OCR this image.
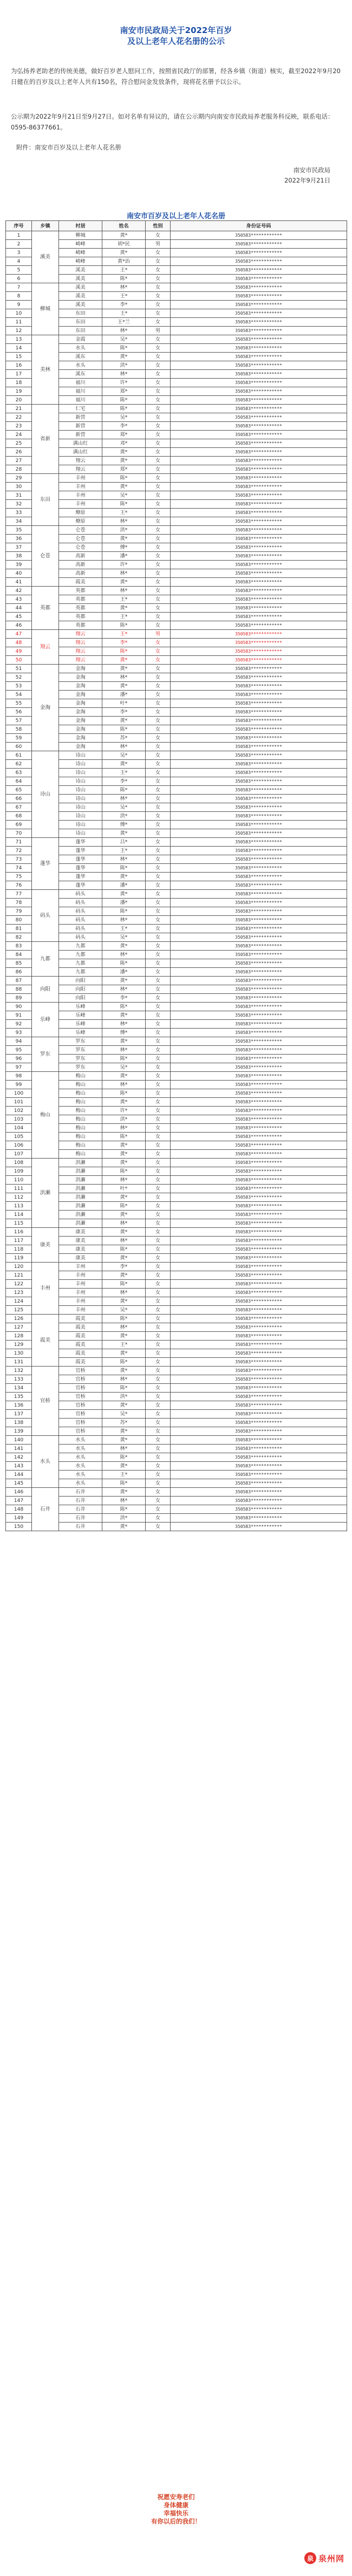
南安市民政局关于2022年百岁
及以上老年人花名册的公示

为弘扬养老助老的传统美德，做好百岁老人慰问工作，按照省民政厅的部署，经各乡镇（街道）核实，截至2022年9月20日健在的百岁及以上老年人共有150名，符合慰问金发放条件，现将花名册予以公示。

公示期为2022年9月21日至9月27日。如对名单有异议的，请在公示期内向南安市民政局养老服务科反映，联系电话：0595-86377661。

附件：南安市百岁及以上老年人花名册
南安市民政局
2022年9月21日
南安市百岁及以上老年人花名册
序号	乡镇	村居	姓名	性别	身份证号码
1	溪美	柳城	黄*	女	350583************
2		崎峰	胡*民	男	350583************
3		崎峰	黄*	女	350583************
4		崎峰	黄*治	女	350583************
5		溪美	王*	女	350583************
6		溪美	陈*	女	350583************
7	柳城	溪美	林*	女	350583************
8		溪美	王*	女	350583************
9		溪美	李*	女	350583************
10		东田	王*	女	350583************
11		东田	王*兰	女	350583************
12		东田	林*	男	350583************
13	美林	金霞	吴*	女	350583************
14		水头	陈*	女	350583************
15		溪东	黄*	女	350583************
16		水头	洪*	女	350583************
17		溪东	林*	女	350583************
18		福川	许*	女	350583************
19		福川	郑*	女	350583************
20		福川	陈*	女	350583************
21	省新	仁宅	陈*	女	350583************
22		新营	吴*	女	350583************
23		新营	李*	女	350583************
24		新营	郑*	女	350583************
25		满山红	邓*	女	350583************
26		满山红	黄*	女	350583************
27		翔云	黄*	女	350583************
28		翔云	郑*	女	350583************
29	东田	丰州	陈*	女	350583************
30		丰州	黄*	女	350583************
31		丰州	吴*	女	350583************
32		丰州	陈*	女	350583************
33		燎原	王*	女	350583************
34		燎原	林*	女	350583************
35	仑苍	仑苍	洪*	女	350583************
36		仑苍	黄*	女	350583************
37		仑苍	傅*	女	350583************
38		高新	潘*	女	350583************
39		高新	许*	女	350583************
40		高新	林*	女	350583************
41		霞美	黄*	女	350583************
42	英都	英都	林*	女	350583************
43		英都	王*	女	350583************
44		英都	黄*	女	350583************
45		英都	王*	女	350583************
46		英都	陈*	女	350583************
47	翔云	翔云	王*	男	350583************
48		翔云	李*	女	350583************
49		翔云	陈*	女	350583************
50		翔云	黄*	女	350583************
51	金淘	金淘	黄*	女	350583************
52		金淘	林*	女	350583************
53		金淘	黄*	女	350583************
54		金淘	潘*	女	350583************
55		金淘	叶*	女	350583************
56		金淘	李*	女	350583************
57		金淘	黄*	女	350583************
58		金淘	陈*	女	350583************
59		金淘	苏*	女	350583************
60		金淘	林*	女	350583************
61	诗山	诗山	吴*	女	350583************
62		诗山	黄*	女	350583************
63		诗山	王*	女	350583************
64		诗山	李*	女	350583************
65		诗山	陈*	女	350583************
66		诗山	林*	女	350583************
67		诗山	吴*	女	350583************
68		诗山	洪*	女	350583************
69		诗山	傅*	女	350583************
70		诗山	黄*	女	350583************
71	蓬华	蓬华	吕*	女	350583************
72		蓬华	王*	女	350583************
73		蓬华	林*	女	350583************
74		蓬华	陈*	女	350583************
75		蓬华	黄*	女	350583************
76		蓬华	潘*	女	350583************
77	码头	码头	黄*	女	350583************
78		码头	潘*	女	350583************
79		码头	陈*	女	350583************
80		码头	林*	女	350583************
81		码头	王*	女	350583************
82		码头	吴*	女	350583************
83	九都	九都	黄*	女	350583************
84		九都	林*	女	350583************
85		九都	陈*	女	350583************
86		九都	潘*	女	350583************
87	向阳	向阳	黄*	女	350583************
88		向阳	林*	女	350583************
89		向阳	李*	女	350583************
90	乐峰	乐峰	陈*	女	350583************
91		乐峰	黄*	女	350583************
92		乐峰	林*	女	350583************
93		乐峰	傅*	女	350583************
94	罗东	罗东	黄*	女	350583************
95		罗东	林*	女	350583************
96		罗东	陈*	女	350583************
97		罗东	吴*	女	350583************
98	梅山	梅山	黄*	女	350583************
99		梅山	林*	女	350583************
100		梅山	陈*	女	350583************
101		梅山	黄*	女	350583************
102		梅山	许*	女	350583************
103		梅山	洪*	女	350583************
104		梅山	林*	女	350583************
105		梅山	陈*	女	350583************
106		梅山	黄*	女	350583************
107		梅山	黄*	女	350583************
108	洪濑	洪濑	黄*	女	350583************
109		洪濑	陈*	女	350583************
110		洪濑	林*	女	350583************
111		洪濑	叶*	女	350583************
112		洪濑	黄*	女	350583************
113		洪濑	陈*	女	350583************
114		洪濑	黄*	女	350583************
115		洪濑	林*	女	350583************
116	康美	康美	黄*	女	350583************
117		康美	林*	女	350583************
118		康美	陈*	女	350583************
119		康美	黄*	女	350583************
120	丰州	丰州	李*	女	350583************
121		丰州	黄*	女	350583************
122		丰州	陈*	女	350583************
123		丰州	林*	女	350583************
124		丰州	黄*	女	350583************
125		丰州	吴*	女	350583************
126	霞美	霞美	陈*	女	350583************
127		霞美	林*	女	350583************
128		霞美	黄*	女	350583************
129		霞美	王*	女	350583************
130		霞美	黄*	女	350583************
131		霞美	陈*	女	350583************
132	官桥	官桥	黄*	女	350583************
133		官桥	林*	女	350583************
134		官桥	陈*	女	350583************
135		官桥	洪*	女	350583************
136		官桥	黄*	女	350583************
137		官桥	吴*	女	350583************
138		官桥	苏*	女	350583************
139		官桥	黄*	女	350583************
140	水头	水头	黄*	女	350583************
141		水头	林*	女	350583************
142		水头	陈*	女	350583************
143		水头	黄*	女	350583************
144		水头	王*	女	350583************
145		水头	陈*	女	350583************
146	石井	石井	黄*	女	350583************
147		石井	林*	女	350583************
148		石井	陈*	女	350583************
149		石井	洪*	女	350583************
150		石井	黄*	女	350583************
祝愿安寿老们
身体健康
幸福快乐
有你以后的我们！
泉 泉州网
